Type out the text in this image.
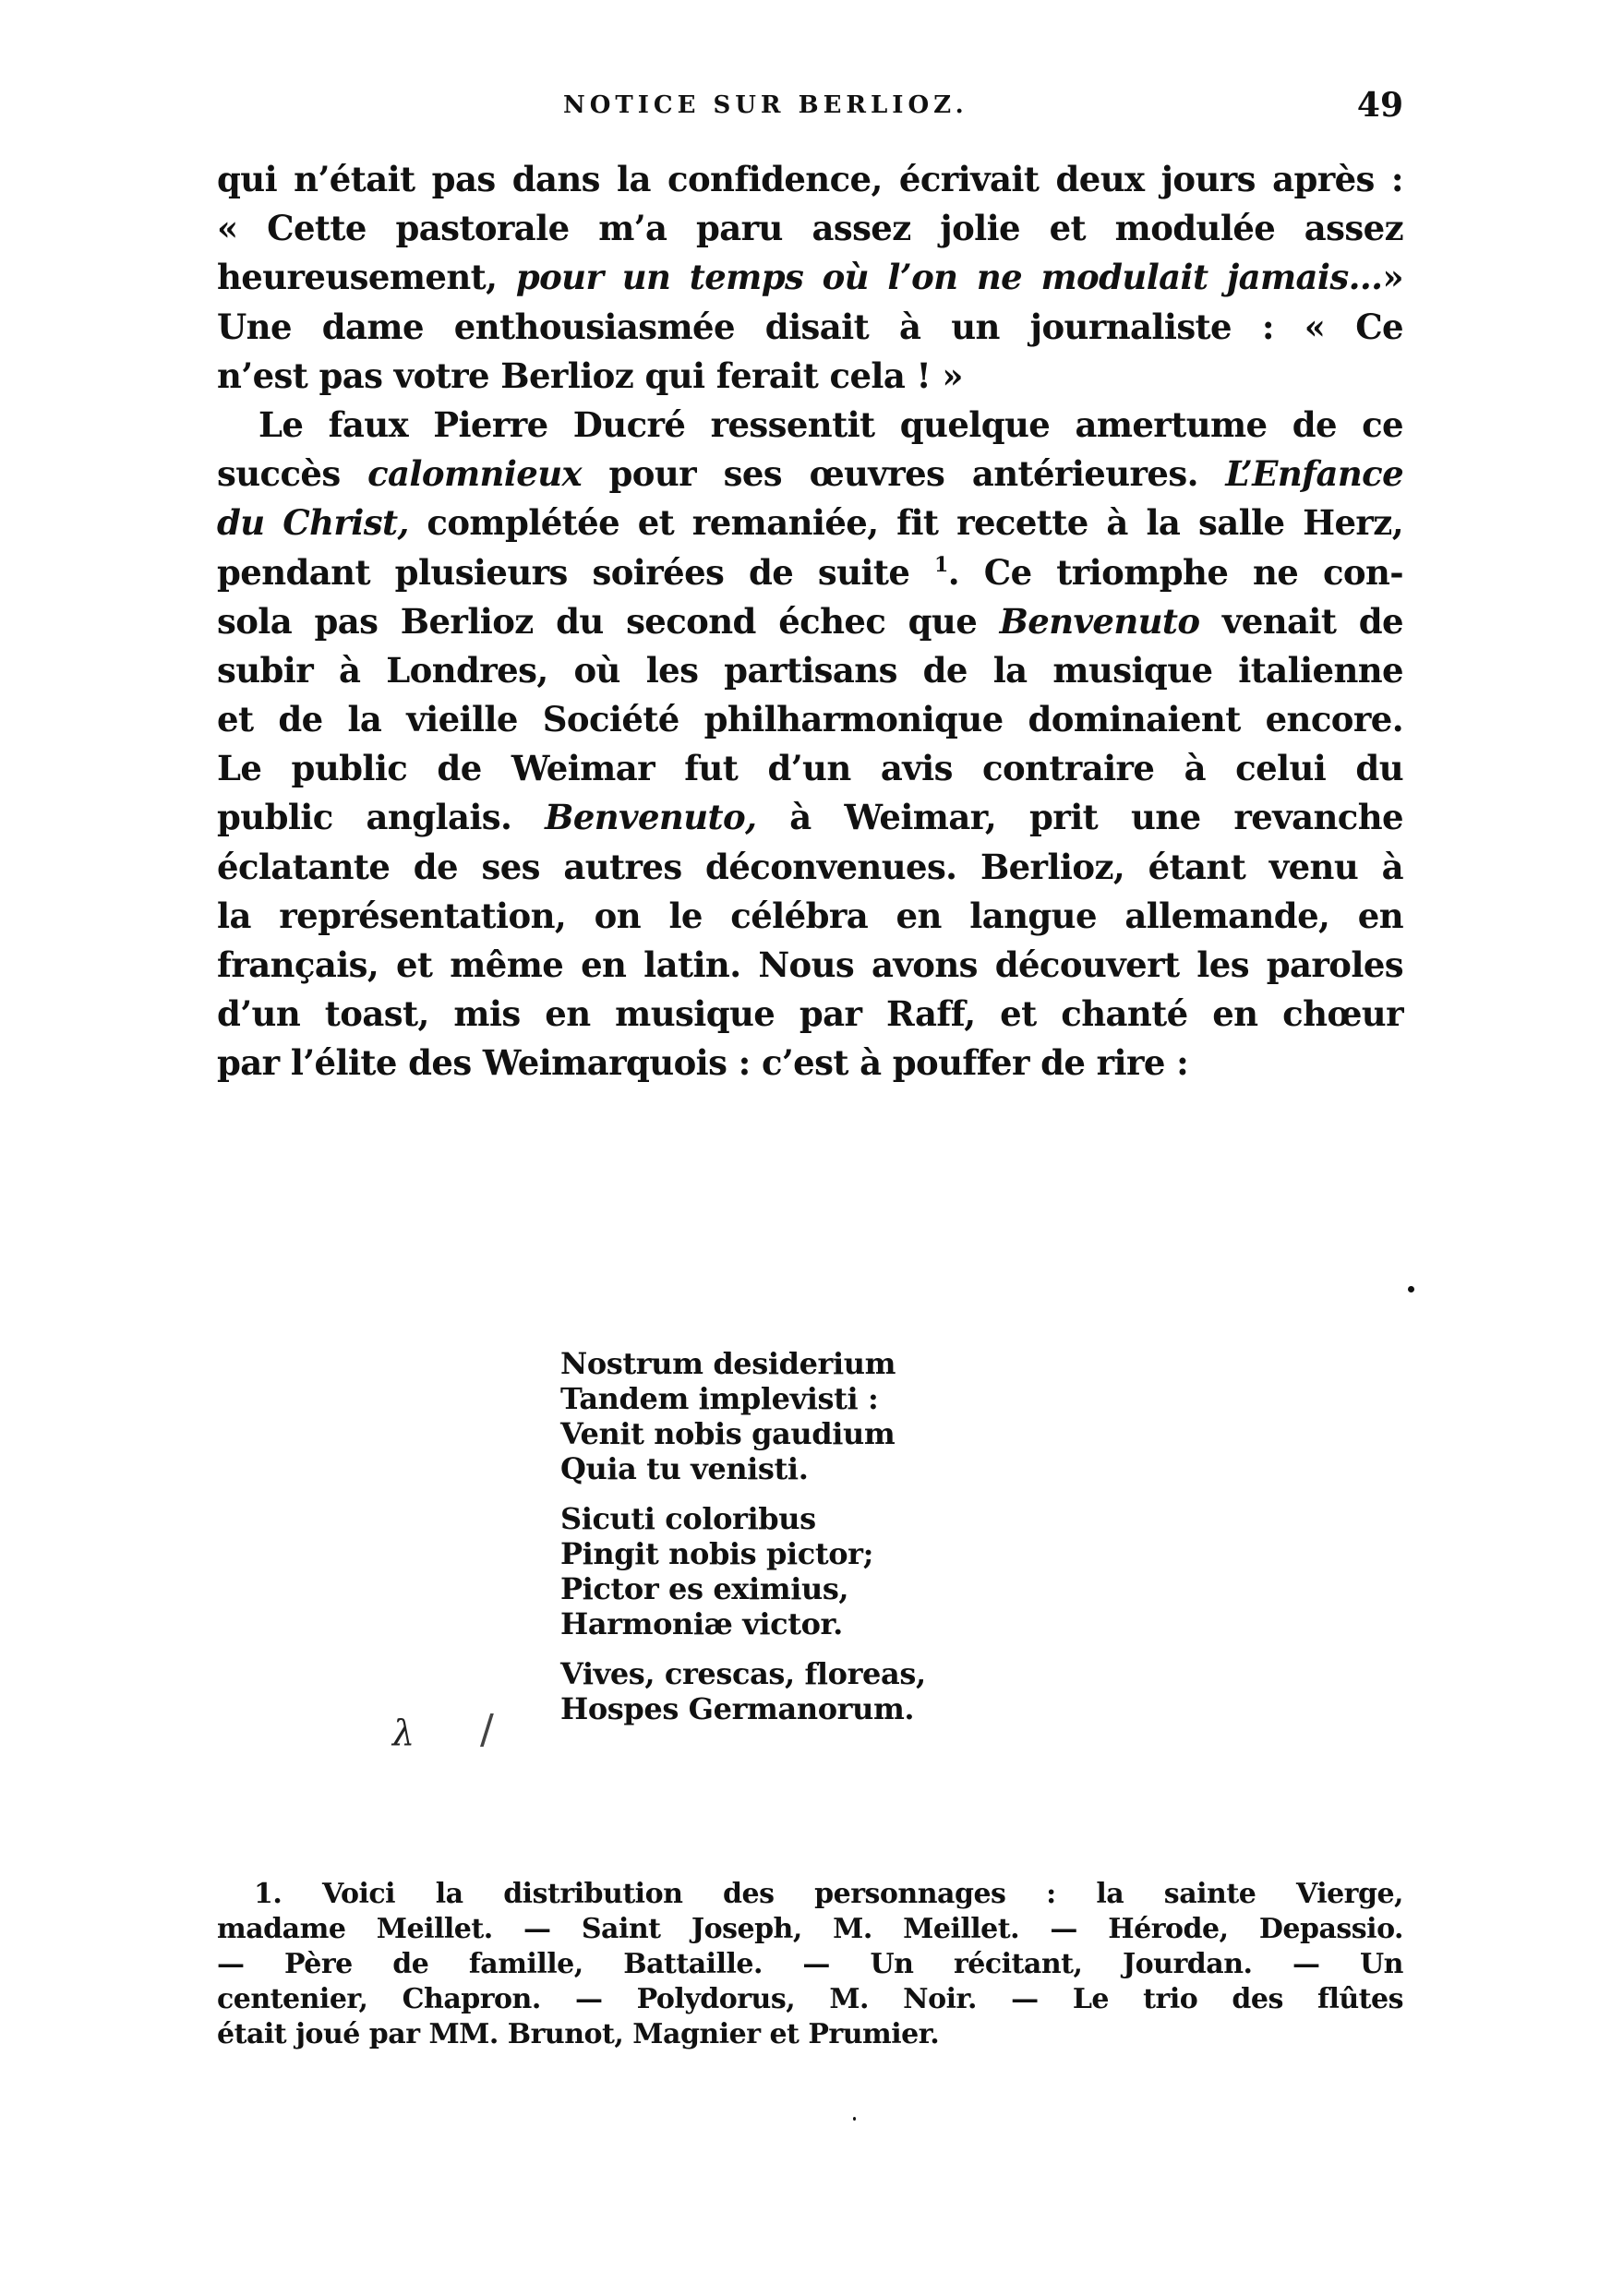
NOTICE SUR BERLIOZ.	49
qui n’était pas dans la confidence, écrivait deux jours après :
« Cette pastorale m’a paru assez jolie et modulée assez
heureusement, pour un temps où l’on ne modulait jamais...»
Une dame enthousiasmée disait à un journaliste : « Ce
n’est pas votre Berlioz qui ferait cela ! »
Le faux Pierre Ducré ressentit quelque amertume de ce
succès calomnieux pour ses œuvres antérieures. L’Enfance
du Christ, complétée et remaniée, fit recette à la salle Herz,
pendant plusieurs soirées de suite $^1$. Ce triomphe ne con-
sola pas Berlioz du second échec que Benvenuto venait de
subir à Londres, où les partisans de la musique italienne
et de la vieille Société philharmonique dominaient encore.
Le public de Weimar fut d’un avis contraire à celui du
public anglais. Benvenuto, à Weimar, prit une revanche
éclatante de ses autres déconvenues. Berlioz, étant venu à
la représentation, on le célébra en langue allemande, en
français, et même en latin. Nous avons découvert les paroles
d’un toast, mis en musique par Raff, et chanté en chœur
par l’élite des Weimarquois : c’est à pouffer de rire :
Nostrum desiderium
Tandem implevisti :
Venit nobis gaudium
Quia tu venisti.
Sicuti coloribus
Pingit nobis pictor;
Pictor es eximius,
Harmoniæ victor.
Vives, crescas, floreas,
Hospes Germanorum.
λ /
1. Voici la distribution des personnages : la sainte Vierge,
madame Meillet. — Saint Joseph, M. Meillet. — Hérode, Depassio.
— Père de famille, Battaille. — Un récitant, Jourdan. — Un
centenier, Chapron. — Polydorus, M. Noir. — Le trio des flûtes
était joué par MM. Brunot, Magnier et Prumier.
